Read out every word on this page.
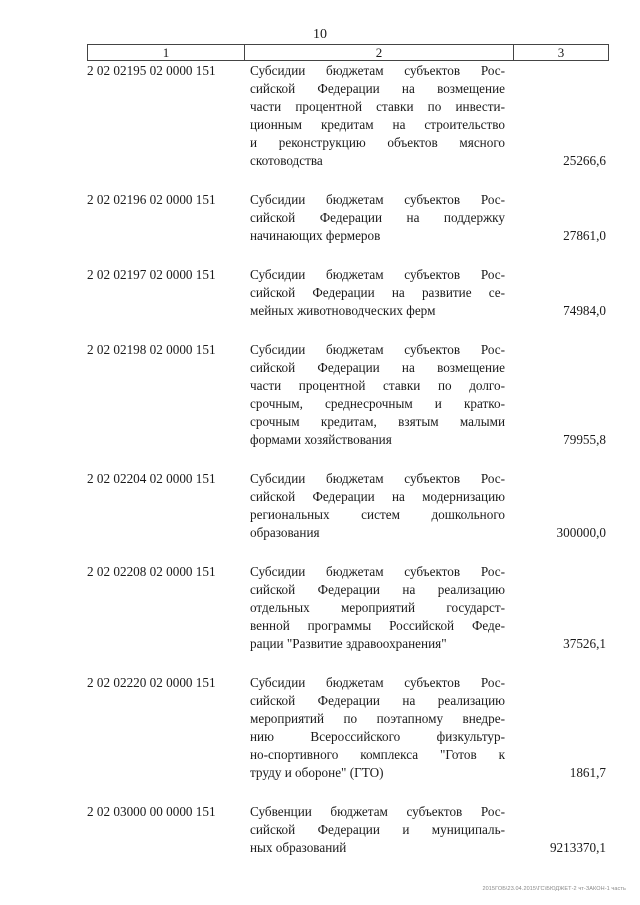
10
1	2	3
2 02 02195 02 0000 151	Субсидии бюджетам субъектов Рос-
сийской Федерации на возмещение
части процентной ставки по инвести-
ционным кредитам на строительство
и реконструкцию объектов мясного
скотоводства	25266,6
2 02 02196 02 0000 151	Субсидии бюджетам субъектов Рос-
сийской Федерации на поддержку
начинающих фермеров	27861,0
2 02 02197 02 0000 151	Субсидии бюджетам субъектов Рос-
сийской Федерации на развитие се-
мейных животноводческих ферм	74984,0
2 02 02198 02 0000 151	Субсидии бюджетам субъектов Рос-
сийской Федерации на возмещение
части процентной ставки по долго-
срочным, среднесрочным и кратко-
срочным кредитам, взятым малыми
формами хозяйствования	79955,8
2 02 02204 02 0000 151	Субсидии бюджетам субъектов Рос-
сийской Федерации на модернизацию
региональных систем дошкольного
образования	300000,0
2 02 02208 02 0000 151	Субсидии бюджетам субъектов Рос-
сийской Федерации на реализацию
отдельных мероприятий государст-
венной программы Российской Феде-
рации "Развитие здравоохранения"	37526,1
2 02 02220 02 0000 151	Субсидии бюджетам субъектов Рос-
сийской Федерации на реализацию
мероприятий по поэтапному внедре-
нию Всероссийского физкультур-
но-спортивного комплекса "Готов к
труду и обороне" (ГТО)	1861,7
2 02 03000 00 0000 151	Субвенции бюджетам субъектов Рос-
сийской Федерации и муниципаль-
ных образований	9213370,1
2015ГОБ\23.04.2015\ГС\БЮДЖЕТ-2 чт-ЗАКОН-1 часть
